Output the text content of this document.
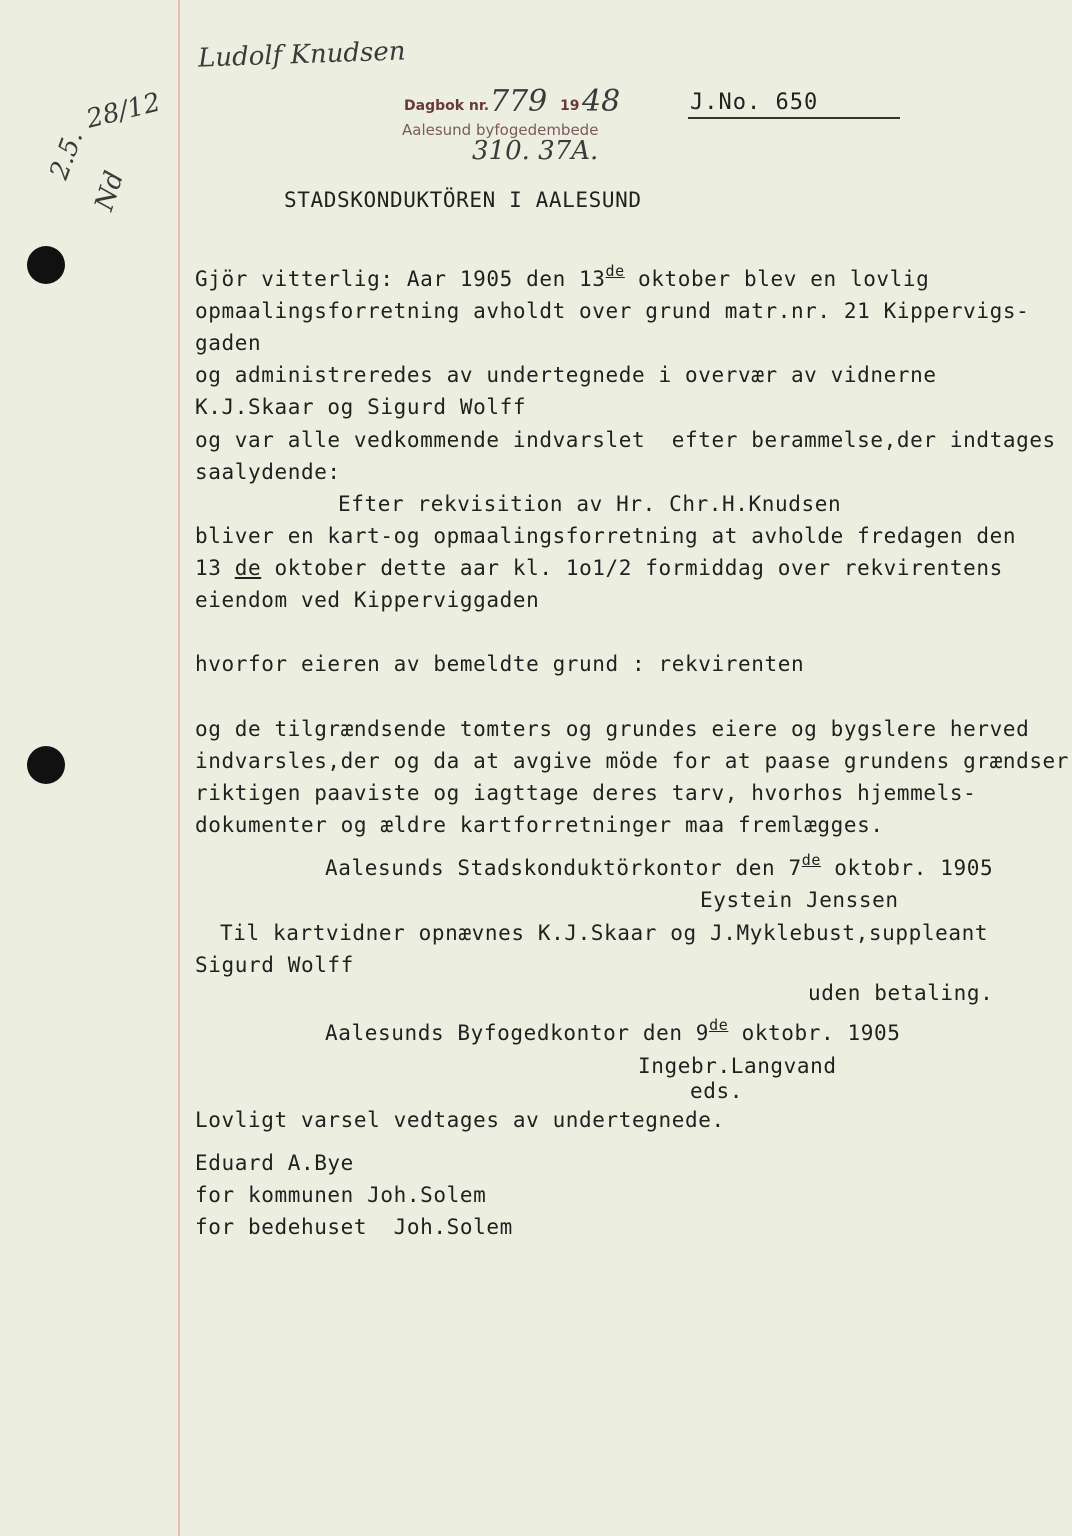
Ludolf Knudsen
28/12
2.5.
Nd
Dagbok nr. 779 19 48
Aalesund byfogedembede
310. 37A.
J.No. 650
STADSKONDUKTÖREN I AALESUND
Gjör vitterlig: Aar 1905 den 13de oktober blev en lovlig
opmaalingsforretning avholdt over grund matr.nr. 21 Kippervigs-
gaden
og administreredes av undertegnede i overvær av vidnerne
K.J.Skaar og Sigurd Wolff
og var alle vedkommende indvarslet  efter berammelse,der indtages
saalydende:
Efter rekvisition av Hr. Chr.H.Knudsen
bliver en kart-og opmaalingsforretning at avholde fredagen den
13 de oktober dette aar kl. 1o1/2 formiddag over rekvirentens
eiendom ved Kipperviggaden
hvorfor eieren av bemeldte grund : rekvirenten
og de tilgrændsende tomters og grundes eiere og bygslere herved
indvarsles,der og da at avgive möde for at paase grundens grændser
riktigen paaviste og iagttage deres tarv, hvorhos hjemmels-
dokumenter og ældre kartforretninger maa fremlægges.
Aalesunds Stadskonduktörkontor den 7de oktobr. 1905
Eystein Jenssen
Til kartvidner opnævnes K.J.Skaar og J.Myklebust,suppleant
Sigurd Wolff
uden betaling.
Aalesunds Byfogedkontor den 9de oktobr. 1905
Ingebr.Langvand
eds.
Lovligt varsel vedtages av undertegnede.
Eduard A.Bye
for kommunen Joh.Solem
for bedehuset  Joh.Solem
